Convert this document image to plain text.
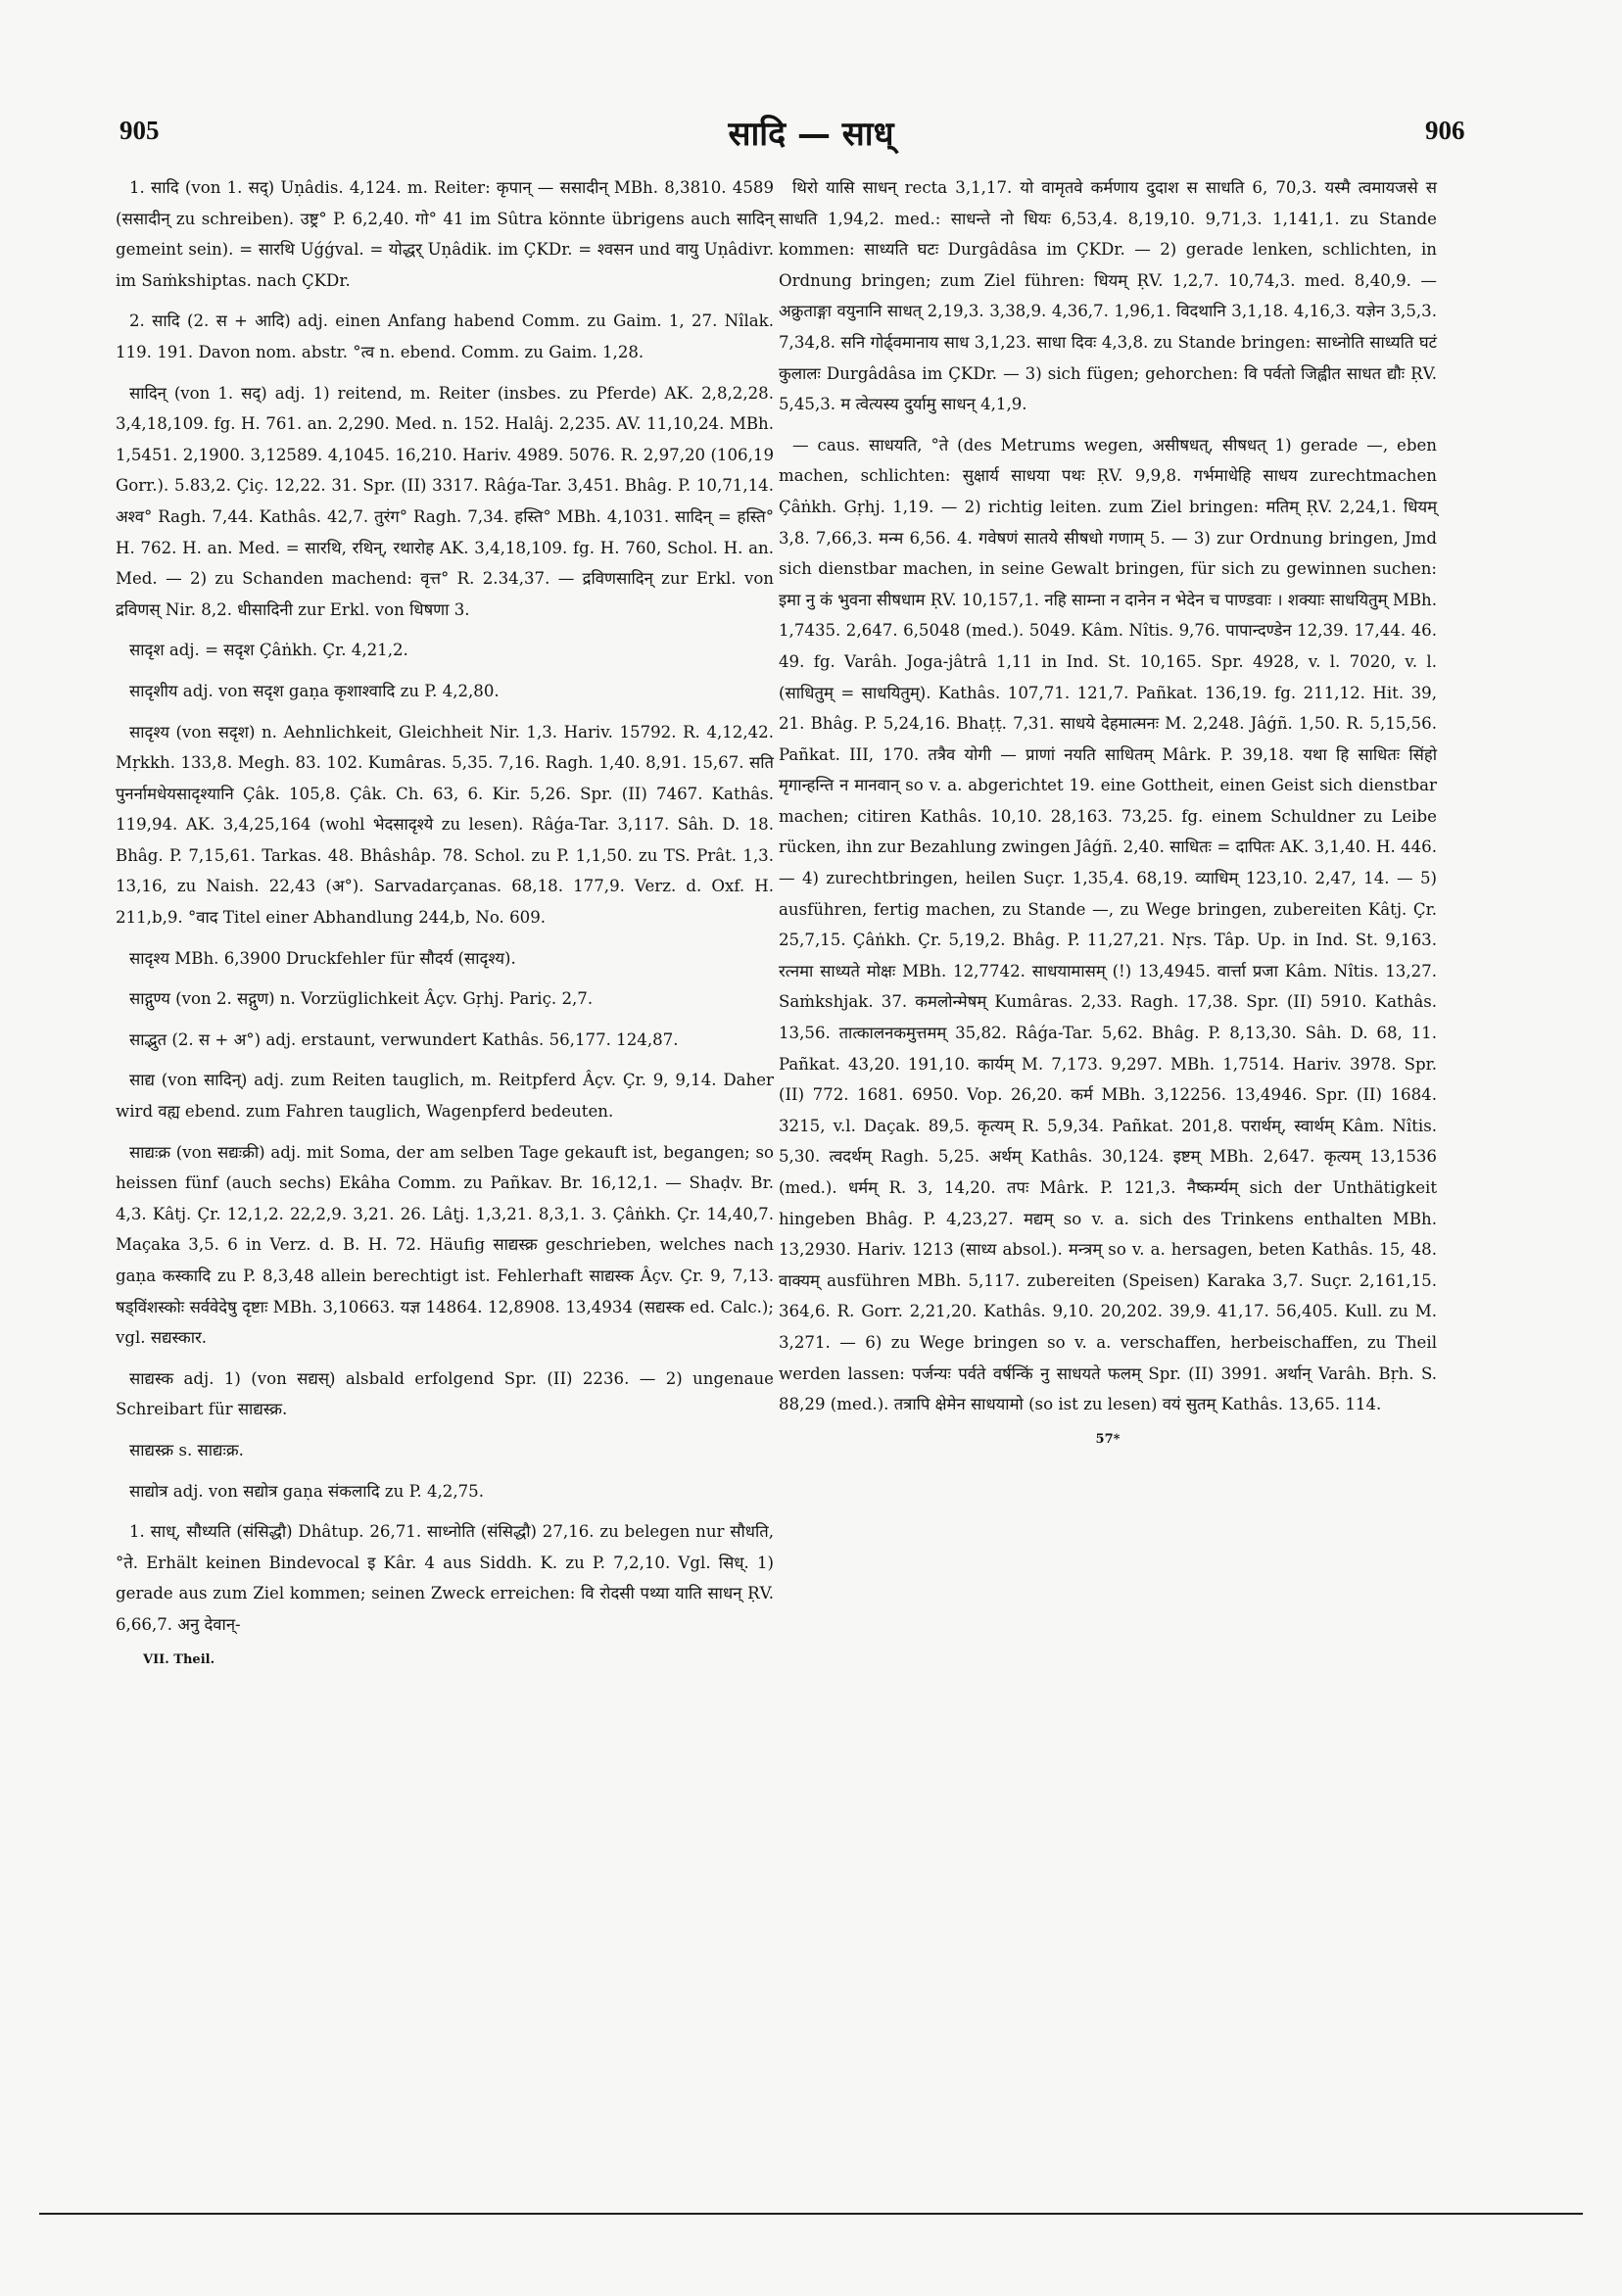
905	सादि — साध्	906

1. सादि (von 1. सद्) Uṇâdis. 4,124. m. Reiter: कृपान् — ससादीन् MBh. 8,3810. 4589 (ससादीन् zu schreiben). उष्ट्र° P. 6,2,40. गो° 41 im Sûtra könnte übrigens auch सादिन् gemeint sein). = सारथि Uǵǵval. = योद्धर् Uṇâdik. im ÇKDr. = श्वसन und वायु Uṇâdivr. im Saṁkshiptas. nach ÇKDr.

2. सादि (2. स + आदि) adj. einen Anfang habend Comm. zu Gaim. 1, 27. Nîlak. 119. 191. Davon nom. abstr. °त्व n. ebend. Comm. zu Gaim. 1,28.

सादिन् (von 1. सद्) adj. 1) reitend, m. Reiter (insbes. zu Pferde) AK. 2,8,2,28. 3,4,18,109. fg. H. 761. an. 2,290. Med. n. 152. Halâj. 2,235. AV. 11,10,24. MBh. 1,5451. 2,1900. 3,12589. 4,1045. 16,210. Hariv. 4989. 5076. R. 2,97,20 (106,19 Gorr.). 5.83,2. Çiç. 12,22. 31. Spr. (II) 3317. Râǵa-Tar. 3,451. Bhâg. P. 10,71,14. अश्व° Ragh. 7,44. Kathâs. 42,7. तुरंग° Ragh. 7,34. हस्ति° MBh. 4,1031. सादिन् = हस्ति° H. 762. H. an. Med. = सारथि, रथिन्, रथारोह AK. 3,4,18,109. fg. H. 760, Schol. H. an. Med. — 2) zu Schanden machend: वृत्त° R. 2.34,37. — द्रविणसादिन् zur Erkl. von द्रविणस् Nir. 8,2. धीसादिनी zur Erkl. von धिषणा 3.

सादृश adj. = सदृश Çâṅkh. Çr. 4,21,2.

सादृशीय adj. von सदृश gaṇa कृशाश्वादि zu P. 4,2,80.

सादृश्य (von सदृश) n. Aehnlichkeit, Gleichheit Nir. 1,3. Hariv. 15792. R. 4,12,42. Mṛkkh. 133,8. Megh. 83. 102. Kumâras. 5,35. 7,16. Ragh. 1,40. 8,91. 15,67. सति पुनर्नामधेयसादृश्यानि Çâk. 105,8. Çâk. Ch. 63, 6. Kir. 5,26. Spr. (II) 7467. Kathâs. 119,94. AK. 3,4,25,164 (wohl भेदसादृश्ये zu lesen). Râǵa-Tar. 3,117. Sâh. D. 18. Bhâg. P. 7,15,61. Tarkas. 48. Bhâshâp. 78. Schol. zu P. 1,1,50. zu TS. Prât. 1,3. 13,16, zu Naish. 22,43 (अ°). Sarvadarçanas. 68,18. 177,9. Verz. d. Oxf. H. 211,b,9. °वाद Titel einer Abhandlung 244,b, No. 609.

सादृश्य MBh. 6,3900 Druckfehler für सौदर्य (सादृश्य).

साद्गुण्य (von 2. सद्गुण) n. Vorzüglichkeit Âçv. Gṛhj. Pariç. 2,7.

साद्भुत (2. स + अ°) adj. erstaunt, verwundert Kathâs. 56,177. 124,87.

साद्य (von सादिन्) adj. zum Reiten tauglich, m. Reitpferd Âçv. Çr. 9, 9,14. Daher wird वह्य ebend. zum Fahren tauglich, Wagenpferd bedeuten.

साद्यःक्र (von सद्यःक्री) adj. mit Soma, der am selben Tage gekauft ist, begangen; so heissen fünf (auch sechs) Ekâha Comm. zu Pañkav. Br. 16,12,1. — Shaḍv. Br. 4,3. Kâtj. Çr. 12,1,2. 22,2,9. 3,21. 26. Lâṭj. 1,3,21. 8,3,1. 3. Çâṅkh. Çr. 14,40,7. Maçaka 3,5. 6 in Verz. d. B. H. 72. Häufig साद्यस्क्र geschrieben, welches nach gaṇa कस्कादि zu P. 8,3,48 allein berechtigt ist. Fehlerhaft साद्यस्क Âçv. Çr. 9, 7,13. षड्विंशस्कोः सर्ववेदेषु दृष्टाः MBh. 3,10663. यज्ञ 14864. 12,8908. 13,4934 (सद्यस्क ed. Calc.); vgl. सद्यस्कार.

साद्यस्क adj. 1) (von सद्यस्) alsbald erfolgend Spr. (II) 2236. — 2) ungenaue Schreibart für साद्यस्क्र.

साद्यस्क्र s. साद्यःक्र.

साद्योत्र adj. von सद्योत्र gaṇa संकलादि zu P. 4,2,75.

1. साध्, सौध्यति (संसिद्धौ) Dhâtup. 26,71. साध्नोति (संसिद्धौ) 27,16. zu belegen nur सौधति, °ते. Erhält keinen Bindevocal इ Kâr. 4 aus Siddh. K. zu P. 7,2,10. Vgl. सिध्. 1) gerade aus zum Ziel kommen; seinen Zweck erreichen: वि रोदसी पथ्या याति साधन् ṚV. 6,66,7. अनु देवान्-

VII. Theil.

थिरो यासि साधन् recta 3,1,17. यो वामृतवे कर्मणाय दुदाश स साधति 6, 70,3. यस्मै त्वमायजसे स साधति 1,94,2. med.: साधन्ते नो धियः 6,53,4. 8,19,10. 9,71,3. 1,141,1. zu Stande kommen: साध्यति घटः Durgâdâsa im ÇKDr. — 2) gerade lenken, schlichten, in Ordnung bringen; zum Ziel führen: धियम् ṚV. 1,2,7. 10,74,3. med. 8,40,9. — अक्रुताङ्गा वयुनानि साधत् 2,19,3. 3,38,9. 4,36,7. 1,96,1. विदथानि 3,1,18. 4,16,3. यज्ञेन 3,5,3. 7,34,8. सनि गोर्ढ्वमानाय साध 3,1,23. साधा दिवः 4,3,8. zu Stande bringen: साध्नोति साध्यति घटं कुलालः Durgâdâsa im ÇKDr. — 3) sich fügen; gehorchen: वि पर्वतो जिह्वीत साधत द्यौः ṚV. 5,45,3. म त्वेत्यस्य दुर्यामु साधन् 4,1,9.

— caus. साधयति, °ते (des Metrums wegen, असीषधत्, सीषधत् 1) gerade —, eben machen, schlichten: सुक्षार्य साधया पथः ṚV. 9,9,8. गर्भमाधेहि साधय zurechtmachen Çâṅkh. Gṛhj. 1,19. — 2) richtig leiten. zum Ziel bringen: मतिम् ṚV. 2,24,1. धियम् 3,8. 7,66,3. मन्म 6,56. 4. गवेषणं सातयेे सीषधो गणाम् 5. — 3) zur Ordnung bringen, Jmd sich dienstbar machen, in seine Gewalt bringen, für sich zu gewinnen suchen: इमा नु कं भुवना सीषधाम ṚV. 10,157,1. नहि साम्ना न दानेन न भेदेन च पाण्डवाः । शक्याः साधयितुम् MBh. 1,7435. 2,647. 6,5048 (med.). 5049. Kâm. Nîtis. 9,76. पापान्दण्डेन 12,39. 17,44. 46. 49. fg. Varâh. Joga-jâtrâ 1,11 in Ind. St. 10,165. Spr. 4928, v. l. 7020, v. l. (साधितुम् = साधयितुम्). Kathâs. 107,71. 121,7. Pañkat. 136,19. fg. 211,12. Hit. 39, 21. Bhâg. P. 5,24,16. Bhaṭṭ. 7,31. साधये देहमात्मनः M. 2,248. Jâǵñ. 1,50. R. 5,15,56. Pañkat. III, 170. तत्रैव योगी — प्राणां नयति साधितम् Mârk. P. 39,18. यथा हि साधितः सिंहो मृगान्हन्ति न मानवान् so v. a. abgerichtet 19. eine Gottheit, einen Geist sich dienstbar machen; citiren Kathâs. 10,10. 28,163. 73,25. fg. einem Schuldner zu Leibe rücken, ihn zur Bezahlung zwingen Jâǵñ. 2,40. साधितः = दापितः AK. 3,1,40. H. 446. — 4) zurechtbringen, heilen Suçr. 1,35,4. 68,19. व्याधिम् 123,10. 2,47, 14. — 5) ausführen, fertig machen, zu Stande —, zu Wege bringen, zubereiten Kâtj. Çr. 25,7,15. Çâṅkh. Çr. 5,19,2. Bhâg. P. 11,27,21. Nṛs. Tâp. Up. in Ind. St. 9,163. रत्नमा साध्यते मोक्षः MBh. 12,7742. साधयामासम् (!) 13,4945. वार्त्ता प्रजा Kâm. Nîtis. 13,27. Saṁkshjak. 37. कमलोन्मेषम् Kumâras. 2,33. Ragh. 17,38. Spr. (II) 5910. Kathâs. 13,56. तात्कालनकमुत्तमम् 35,82. Râǵa-Tar. 5,62. Bhâg. P. 8,13,30. Sâh. D. 68, 11. Pañkat. 43,20. 191,10. कार्यम् M. 7,173. 9,297. MBh. 1,7514. Hariv. 3978. Spr. (II) 772. 1681. 6950. Vop. 26,20. कर्म MBh. 3,12256. 13,4946. Spr. (II) 1684. 3215, v.l. Daçak. 89,5. कृत्यम् R. 5,9,34. Pañkat. 201,8. परार्थम्, स्वार्थम् Kâm. Nîtis. 5,30. त्वदर्थम् Ragh. 5,25. अर्थम् Kathâs. 30,124. इष्टम् MBh. 2,647. कृत्यम् 13,1536 (med.). धर्मम् R. 3, 14,20. तपः Mârk. P. 121,3. नैष्कर्म्यम् sich der Unthätigkeit hingeben Bhâg. P. 4,23,27. मद्यम् so v. a. sich des Trinkens enthalten MBh. 13,2930. Hariv. 1213 (साध्य absol.). मन्त्रम् so v. a. hersagen, beten Kathâs. 15, 48. वाक्यम् ausführen MBh. 5,117. zubereiten (Speisen) Karaka 3,7. Suçr. 2,161,15. 364,6. R. Gorr. 2,21,20. Kathâs. 9,10. 20,202. 39,9. 41,17. 56,405. Kull. zu M. 3,271. — 6) zu Wege bringen so v. a. verschaffen, herbeischaffen, zu Theil werden lassen: पर्जन्यः पर्वते वर्षन्किं नु साधयते फलम् Spr. (II) 3991. अर्थान् Varâh. Bṛh. S. 88,29 (med.). तत्रापि क्षेमेन साधयामो (so ist zu lesen) वयं सुतम् Kathâs. 13,65. 114.

57*
